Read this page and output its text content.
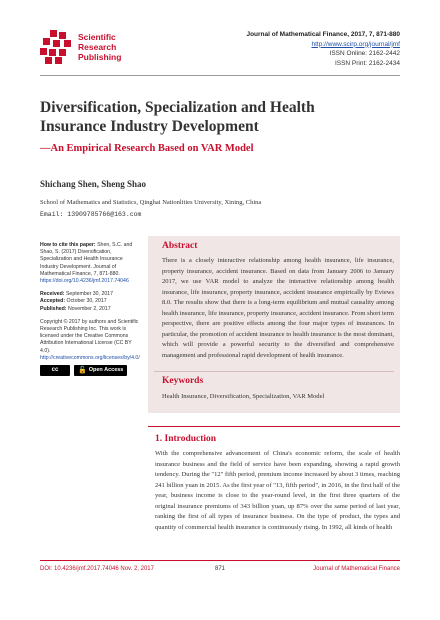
Scientific
Research
Publishing
Journal of Mathematical Finance, 2017, 7, 871-880
http://www.scirp.org/journal/jmf
ISSN Online: 2162-2442
ISSN Print: 2162-2434
Diversification, Specialization and Health
Insurance Industry Development
—An Empirical Research Based on VAR Model
Shichang Shen, Sheng Shao
School of Mathematics and Statistics, Qinghai Nationlities University, Xining, China
Email: 13909785766@163.com
How to cite this paper: Shen, S.C. and Shao, S. (2017) Diversification, Specialization and Health Insurance Industry Development. Journal of Mathematical Finance, 7, 871-880. https://doi.org/10.4236/jmf.2017.74046
Received: September 30, 2017
Accepted: October 30, 2017
Published: November 2, 2017
Copyright © 2017 by authors and Scientific Research Publishing Inc. This work is licensed under the Creative Commons Attribution International License (CC BY 4.0). http://creativecommons.org/licenses/by/4.0/
cc	🔓 Open Access
Abstract
There is a closely interactive relationship among health insurance, life insurance, property insurance, accident insurance. Based on data from January 2006 to January 2017, we use VAR model to analyze the interactive relationship among health insurance, life insurance, property insurance, accident insurance empirically by Eviews 8.0. The results show that there is a long-term equilibrium and mutual causality among health insurance, life insurance, property insurance, accident insurance. From short term perspective, there are positive effects among the four major types of insurances. In particular, the promotion of accident insurance to health insurance is the most dominant, which will provide a powerful security to the diversified and comprehensive management and professional rapid development of health insurance.
Keywords
Health Insurance, Diversification, Specialization, VAR Model
1. Introduction
With the comprehensive advancement of China's economic reform, the scale of health insurance business and the field of service have been expanding, showing a rapid growth tendency. During the "12" fifth period, premium income increased by about 3 times, reaching 241 billion yuan in 2015. As the first year of "13, fifth period", in 2016, in the first half of the year, business income is close to the year-round level, in the first three quarters of the original insurance premiums of 343 billion yuan, up 87% over the same period of last year, ranking the first of all types of insurance business. On the type of product, the types and quantity of commercial health insurance is continuously rising. In 1992, all kinds of health
DOI: 10.4236/jmf.2017.74046 Nov. 2, 2017	871	Journal of Mathematical Finance
